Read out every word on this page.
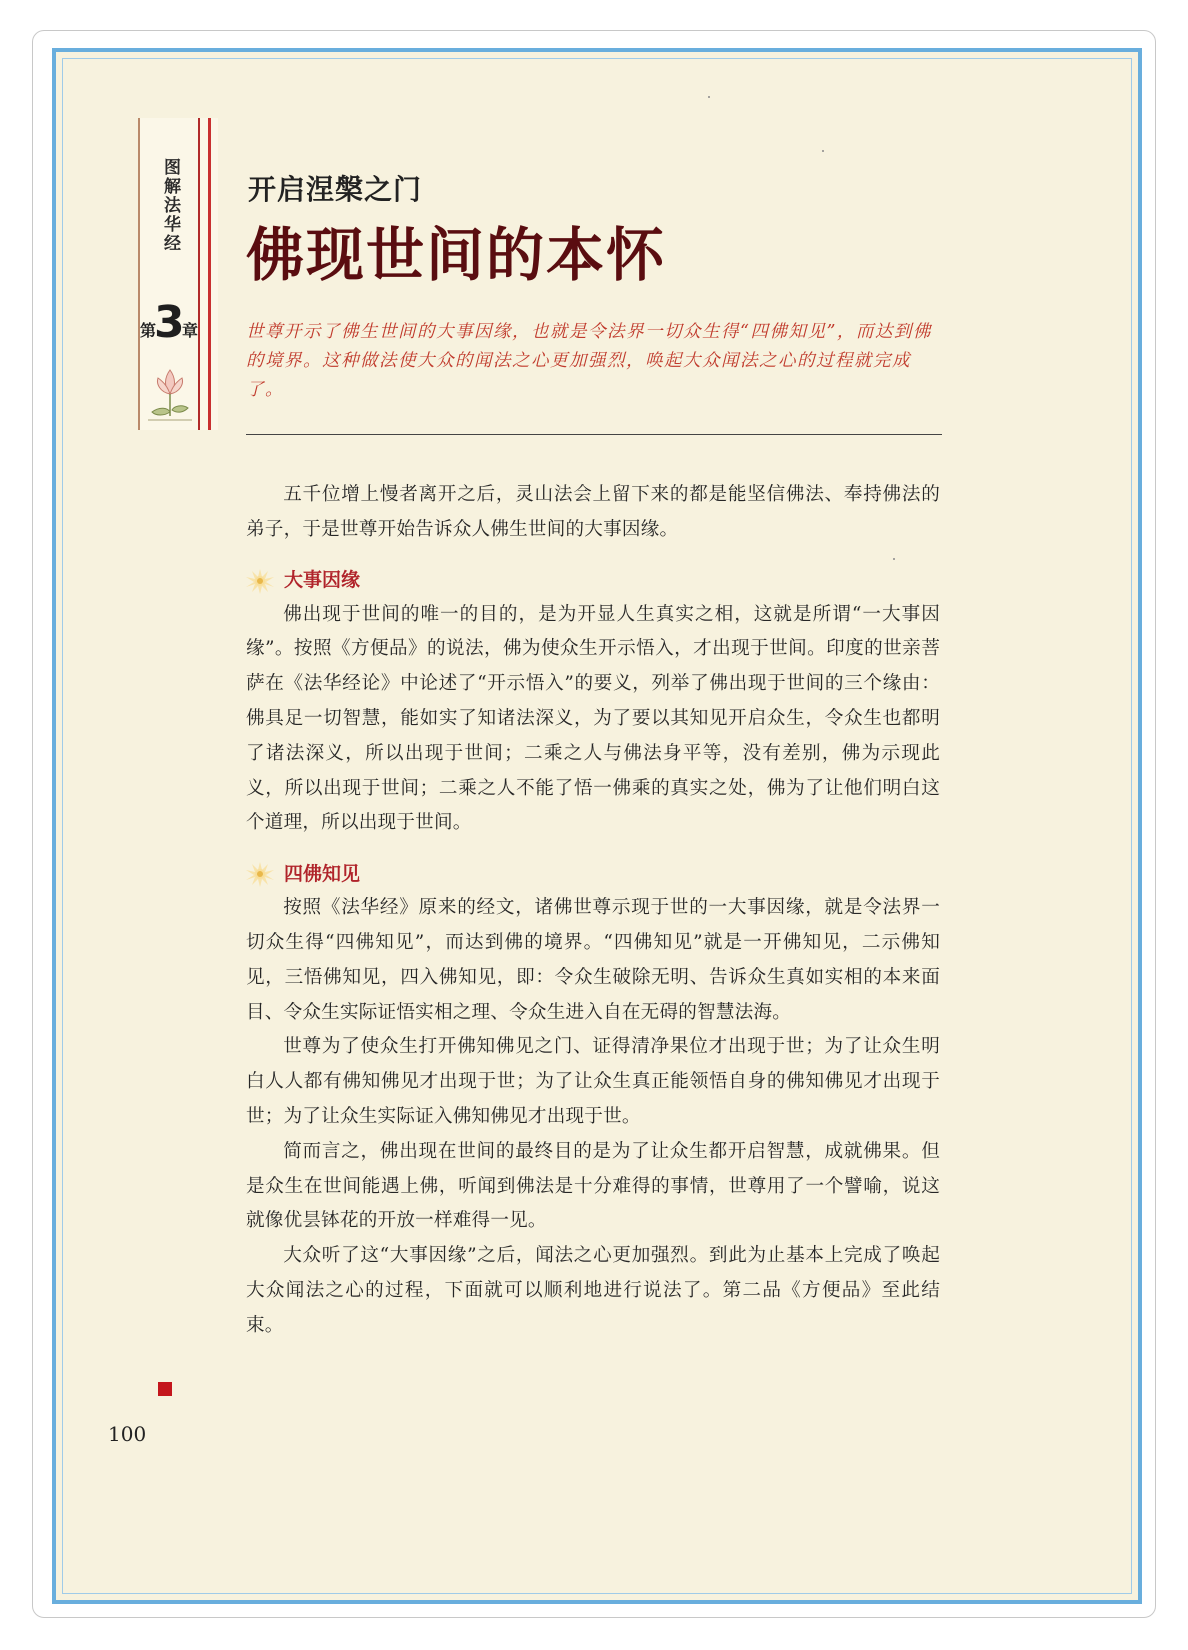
图解法华经
第
3
章
开启涅槃之门
佛现世间的本怀

世尊开示了佛生世间的大事因缘，也就是令法界一切众生得“四佛知见”，而达到佛的境界。这种做法使大众的闻法之心更加强烈，唤起大众闻法之心的过程就完成了。

五千位增上慢者离开之后，灵山法会上留下来的都是能坚信佛法、奉持佛法的弟子，于是世尊开始告诉众人佛生世间的大事因缘。

大事因缘

佛出现于世间的唯一的目的，是为开显人生真实之相，这就是所谓“一大事因缘”。按照《方便品》的说法，佛为使众生开示悟入，才出现于世间。印度的世亲菩萨在《法华经论》中论述了“开示悟入”的要义，列举了佛出现于世间的三个缘由：佛具足一切智慧，能如实了知诸法深义，为了要以其知见开启众生，令众生也都明了诸法深义，所以出现于世间；二乘之人与佛法身平等，没有差别，佛为示现此义，所以出现于世间；二乘之人不能了悟一佛乘的真实之处，佛为了让他们明白这个道理，所以出现于世间。

四佛知见

按照《法华经》原来的经文，诸佛世尊示现于世的一大事因缘，就是令法界一切众生得“四佛知见”，而达到佛的境界。“四佛知见”就是一开佛知见，二示佛知见，三悟佛知见，四入佛知见，即：令众生破除无明、告诉众生真如实相的本来面目、令众生实际证悟实相之理、令众生进入自在无碍的智慧法海。

世尊为了使众生打开佛知佛见之门、证得清净果位才出现于世；为了让众生明白人人都有佛知佛见才出现于世；为了让众生真正能领悟自身的佛知佛见才出现于世；为了让众生实际证入佛知佛见才出现于世。

简而言之，佛出现在世间的最终目的是为了让众生都开启智慧，成就佛果。但是众生在世间能遇上佛，听闻到佛法是十分难得的事情，世尊用了一个譬喻，说这就像优昙钵花的开放一样难得一见。

大众听了这“大事因缘”之后，闻法之心更加强烈。到此为止基本上完成了唤起大众闻法之心的过程，下面就可以顺利地进行说法了。第二品《方便品》至此结束。

100
